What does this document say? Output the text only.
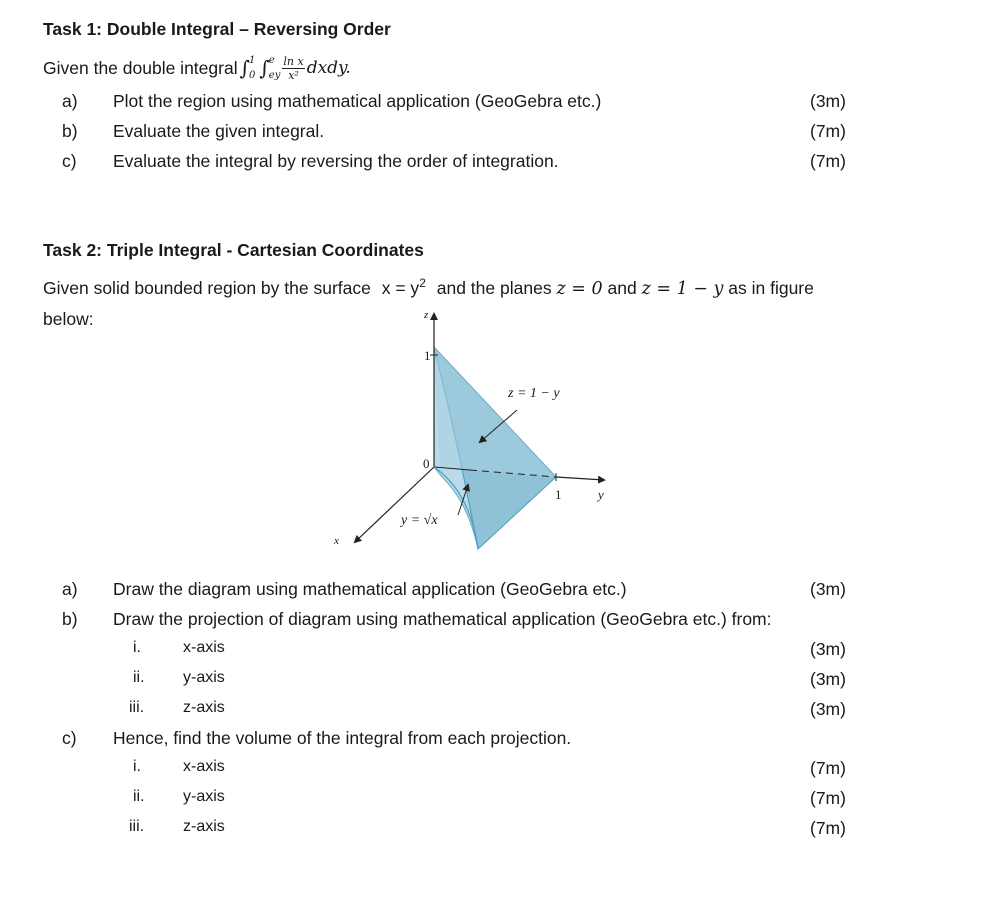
Task 1: Double Integral – Reversing Order
Given the double integral ∫ 1
0 ∫ e
ey $\frac{\text{ln x}}{\text{x²}}$ dxdy.
a) Plot the region using mathematical application (GeoGebra etc.)	(3m)
b) Evaluate the given integral.	(7m)
c) Evaluate the integral by reversing the order of integration.	(7m)
Task 2: Triple Integral - Cartesian Coordinates
Given solid bounded region by the surface $x = y^2$ and the planes z = 0 and z = 1 − y as in figure
below:	z
1
0
1	y
x
z = 1 − y
y = √x
a) Draw the diagram using mathematical application (GeoGebra etc.)	(3m)
b) Draw the projection of diagram using mathematical application (GeoGebra etc.) from:
i.	x-axis	(3m)
ii. y-axis	(3m)
iii. z-axis	(3m)
c) Hence, find the volume of the integral from each projection.
i.	x-axis	(7m)
ii. y-axis	(7m)
iii. z-axis	(7m)
